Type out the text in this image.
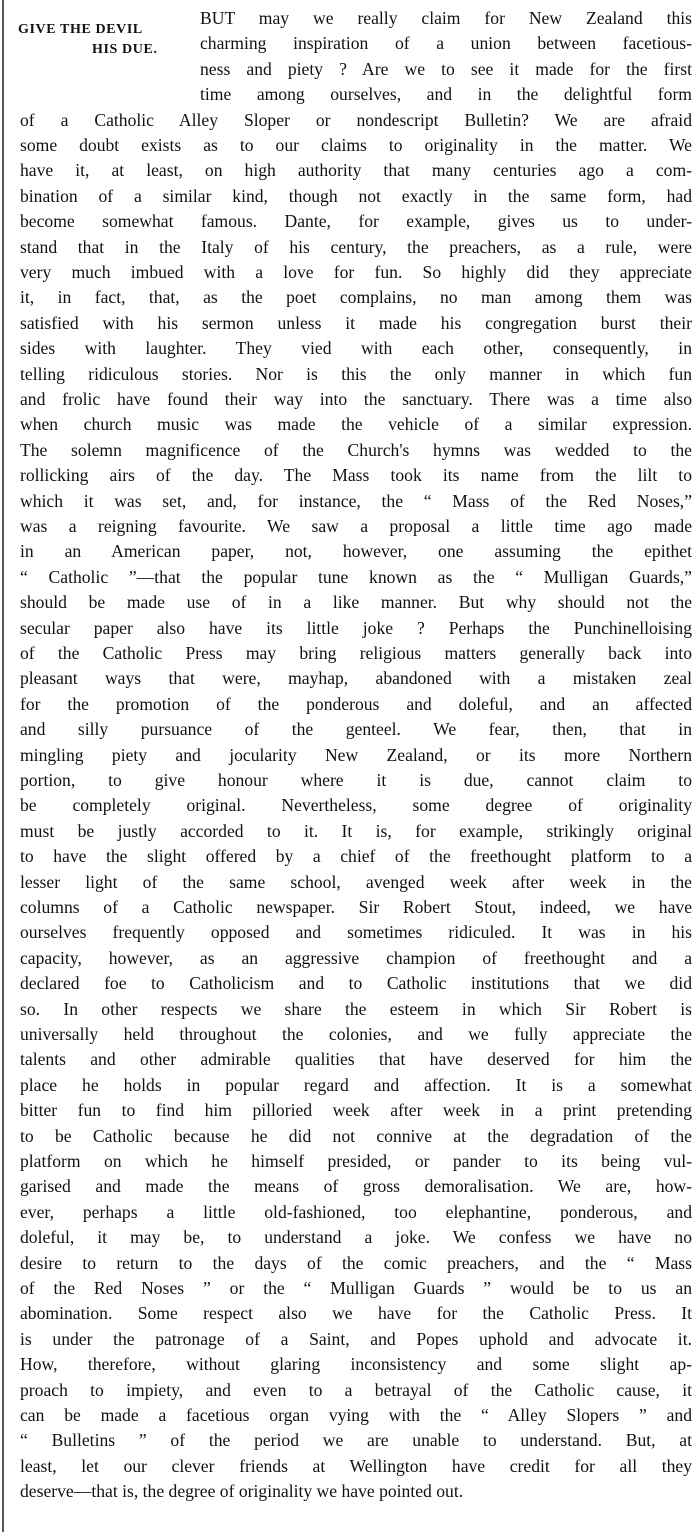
GIVE THE DEVIL
HIS DUE.
BUT may we really claim for New Zealand this
charming inspiration of a union between facetious-
ness and piety ? Are we to see it made for the first
time among ourselves, and in the delightful form
of a Catholic Alley Sloper or nondescript Bulletin? We are afraid
some doubt exists as to our claims to originality in the matter. We
have it, at least, on high authority that many centuries ago a com-
bination of a similar kind, though not exactly in the same form, had
become somewhat famous. Dante, for example, gives us to under-
stand that in the Italy of his century, the preachers, as a rule, were
very much imbued with a love for fun. So highly did they appreciate
it, in fact, that, as the poet complains, no man among them was
satisfied with his sermon unless it made his congregation burst their
sides with laughter. They vied with each other, consequently, in
telling ridiculous stories. Nor is this the only manner in which fun
and frolic have found their way into the sanctuary. There was a time also
when church music was made the vehicle of a similar expression.
The solemn magnificence of the Church's hymns was wedded to the
rollicking airs of the day. The Mass took its name from the lilt to
which it was set, and, for instance, the “ Mass of the Red Noses,”
was a reigning favourite. We saw a proposal a little time ago made
in an American paper, not, however, one assuming the epithet
“ Catholic ”—that the popular tune known as the “ Mulligan Guards,”
should be made use of in a like manner. But why should not the
secular paper also have its little joke ? Perhaps the Punchinelloising
of the Catholic Press may bring religious matters generally back into
pleasant ways that were, mayhap, abandoned with a mistaken zeal
for the promotion of the ponderous and doleful, and an affected
and silly pursuance of the genteel. We fear, then, that in
mingling piety and jocularity New Zealand, or its more Northern
portion, to give honour where it is due, cannot claim to
be completely original. Nevertheless, some degree of originality
must be justly accorded to it. It is, for example, strikingly original
to have the slight offered by a chief of the freethought platform to a
lesser light of the same school, avenged week after week in the
columns of a Catholic newspaper. Sir Robert Stout, indeed, we have
ourselves frequently opposed and sometimes ridiculed. It was in his
capacity, however, as an aggressive champion of freethought and a
declared foe to Catholicism and to Catholic institutions that we did
so. In other respects we share the esteem in which Sir Robert is
universally held throughout the colonies, and we fully appreciate the
talents and other admirable qualities that have deserved for him the
place he holds in popular regard and affection. It is a somewhat
bitter fun to find him pilloried week after week in a print pretending
to be Catholic because he did not connive at the degradation of the
platform on which he himself presided, or pander to its being vul-
garised and made the means of gross demoralisation. We are, how-
ever, perhaps a little old-fashioned, too elephantine, ponderous, and
doleful, it may be, to understand a joke. We confess we have no
desire to return to the days of the comic preachers, and the “ Mass
of the Red Noses ” or the “ Mulligan Guards ” would be to us an
abomination. Some respect also we have for the Catholic Press. It
is under the patronage of a Saint, and Popes uphold and advocate it.
How, therefore, without glaring inconsistency and some slight ap-
proach to impiety, and even to a betrayal of the Catholic cause, it
can be made a facetious organ vying with the “ Alley Slopers ” and
“ Bulletins ” of the period we are unable to understand. But, at
least, let our clever friends at Wellington have credit for all they
deserve—that is, the degree of originality we have pointed out.
